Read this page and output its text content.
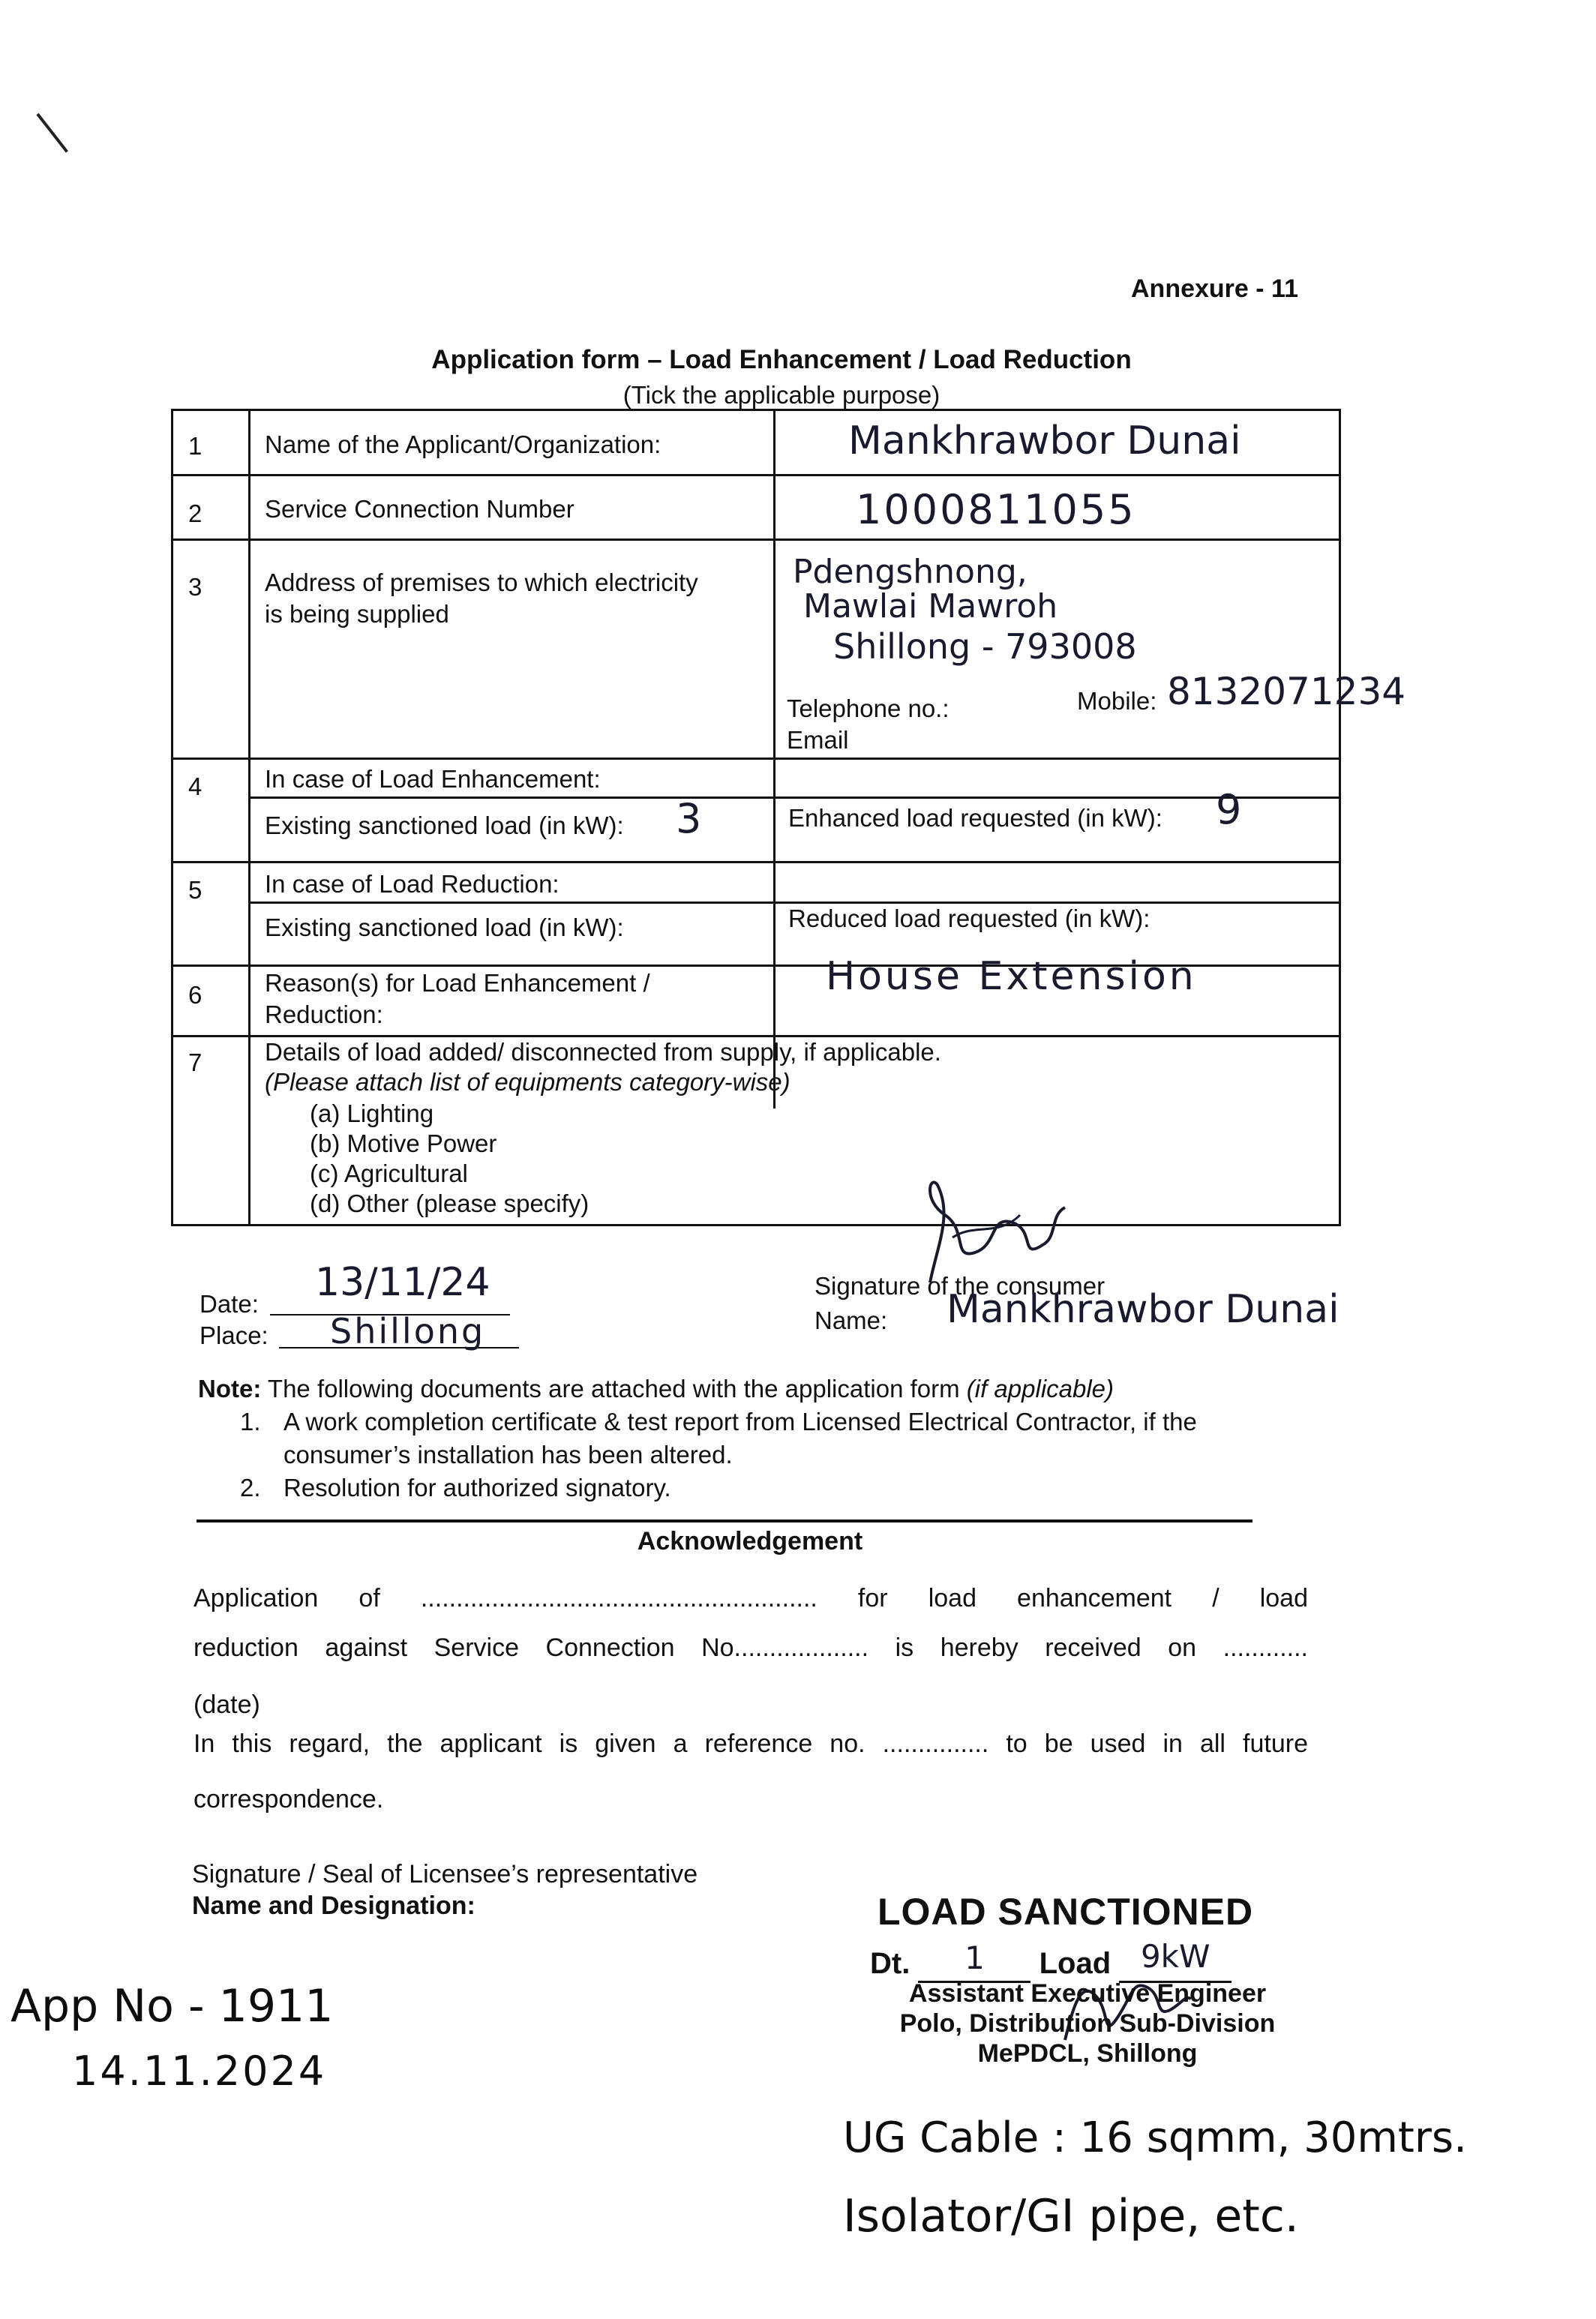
Annexure - 11
Application form – Load Enhancement / Load Reduction
(Tick the applicable purpose)
1	Name of the Applicant/Organization:	Mankhrawbor Dunai
2	Service Connection Number	1000811055
3	Address of premises to which electricity
is being supplied
Pdengshnong,
Mawlai Mawroh
Shillong - 793008
Telephone no.:	Mobile: 8132071234
Email
4	In case of Load Enhancement:
Existing sanctioned load (in kW): 3	Enhanced load requested (in kW): 9
5	In case of Load Reduction:
Existing sanctioned load (in kW):	Reduced load requested (in kW):
6	Reason(s) for Load Enhancement /
Reduction:
House Extension
7	Details of load added/ disconnected from supply, if applicable.
(Please attach list of equipments category-wise)
(a) Lighting
(b) Motive Power
(c) Agricultural
(d) Other (please specify)
Date: 13/11/24
Place: Shillong
Signature of the consumer
Name: Mankhrawbor Dunai
Note: The following documents are attached with the application form (if applicable)
1. A work completion certificate & test report from Licensed Electrical Contractor, if the
consumer’s installation has been altered.
2. Resolution for authorized signatory.
Acknowledgement
Application of ........................................................ for load enhancement / load
reduction against Service Connection No................... is hereby received on ............
(date)
In this regard, the applicant is given a reference no. ............... to be used in all future
correspondence.
Signature / Seal of Licensee’s representative
Name and Designation:	LOAD SANCTIONED
Dt. 1 Load 9kW
Assistant Executive Engineer
Polo, Distribution Sub-Division
MePDCL, Shillong
App No - 1911
14.11.2024
UG Cable : 16 sqmm, 30mtrs.
Isolator/GI pipe, etc.
